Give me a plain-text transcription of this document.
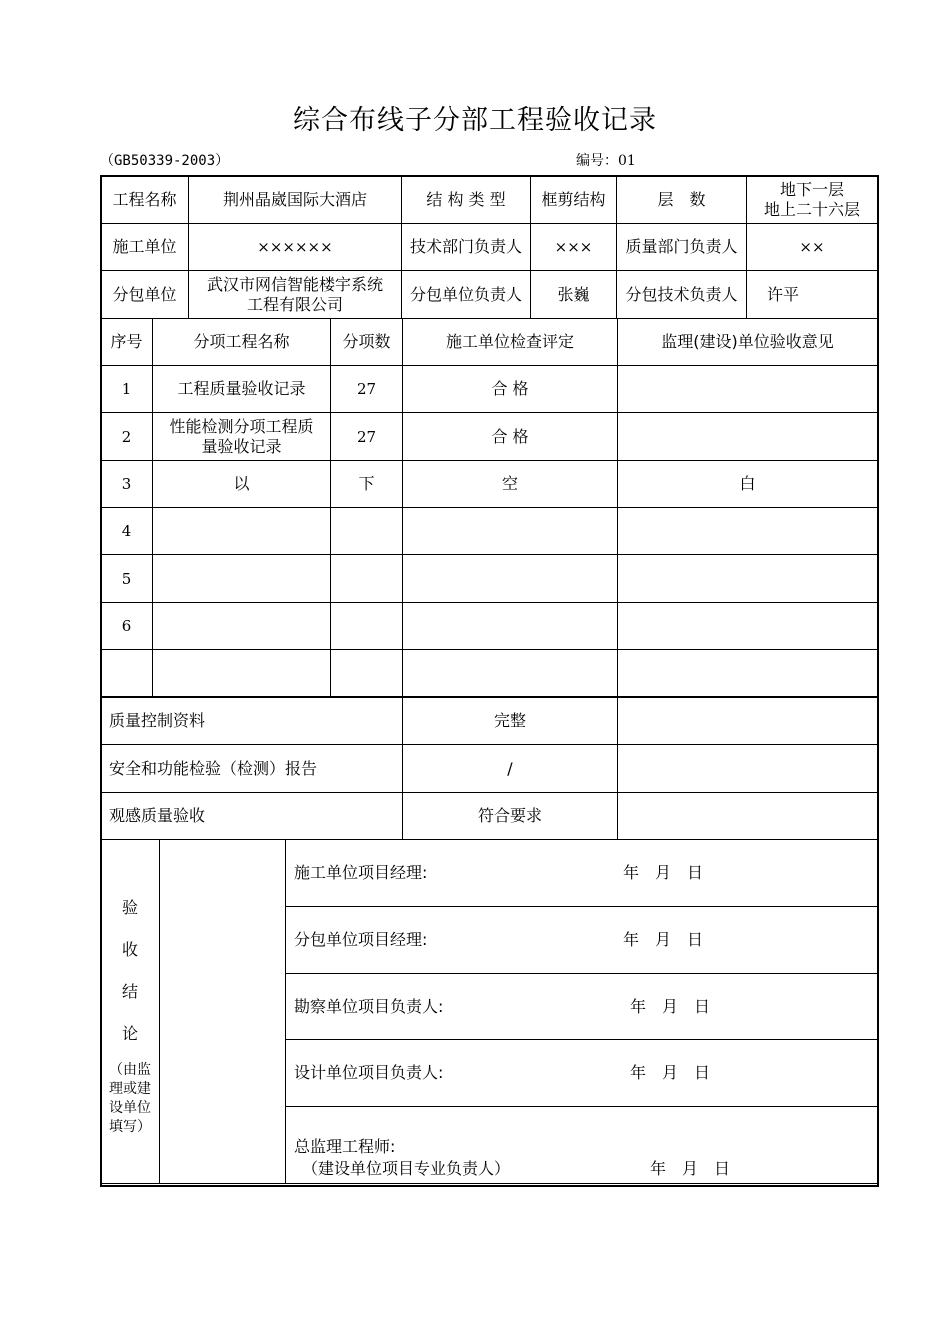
综合布线子分部工程验收记录
（GB50339-2003）	编号：01
工程名称	荆州晶崴国际大酒店	结 构 类 型	框剪结构	层　数	地下一层
地上二十六层

施工单位	××××××	技术部门负责人	×××	质量部门负责人	××
分包单位	武汉市网信智能楼宇系统
工程有限公司	分包单位负责人	张巍	分包技术负责人	许平
序号	分项工程名称	分项数	施工单位检查评定	监理(建设)单位验收意见
1	工程质量验收记录	27	合 格	
2	性能检测分项工程质
量验收记录	27	合 格	
3	以	下	空	白
4	

5	

6	

质量控制资料	完整	
安全和功能检验（检测）报告	/	
观感质量验收	符合要求	
验
收
结
论
（由监
理或建
设单位
填写）

施工单位项目经理:	年　月　日

分包单位项目经理:	年　月　日

勘察单位项目负责人:	年　月　日

设计单位项目负责人:	年　月　日

总监理工程师:
（建设单位项目专业负责人）	年　月　日
